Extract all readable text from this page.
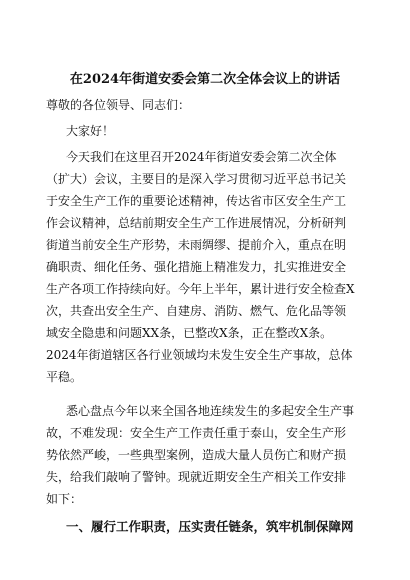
在2024年街道安委会第二次全体会议上的讲话
尊敬的各位领导、同志们：
大家好！
今天我们在这里召开2024年街道安委会第二次全体
（扩大）会议，主要目的是深入学习贯彻习近平总书记关
于安全生产工作的重要论述精神，传达省市区安全生产工
作会议精神，总结前期安全生产工作进展情况，分析研判
街道当前安全生产形势，未雨绸缪、提前介入，重点在明
确职责、细化任务、强化措施上精准发力，扎实推进安全
生产各项工作持续向好。今年上半年，累计进行安全检查X
次，共查出安全生产、自建房、消防、燃气、危化品等领
域安全隐患和问题XX条，已整改X条，正在整改X条。
2024年街道辖区各行业领域均未发生安全生产事故，总体
平稳。
悉心盘点今年以来全国各地连续发生的多起安全生产事
故，不难发现：安全生产工作责任重于泰山，安全生产形
势依然严峻，一些典型案例，造成大量人员伤亡和财产损
失，给我们敲响了警钟。现就近期安全生产相关工作安排
如下：
一、履行工作职责，压实责任链条，筑牢机制保障网
